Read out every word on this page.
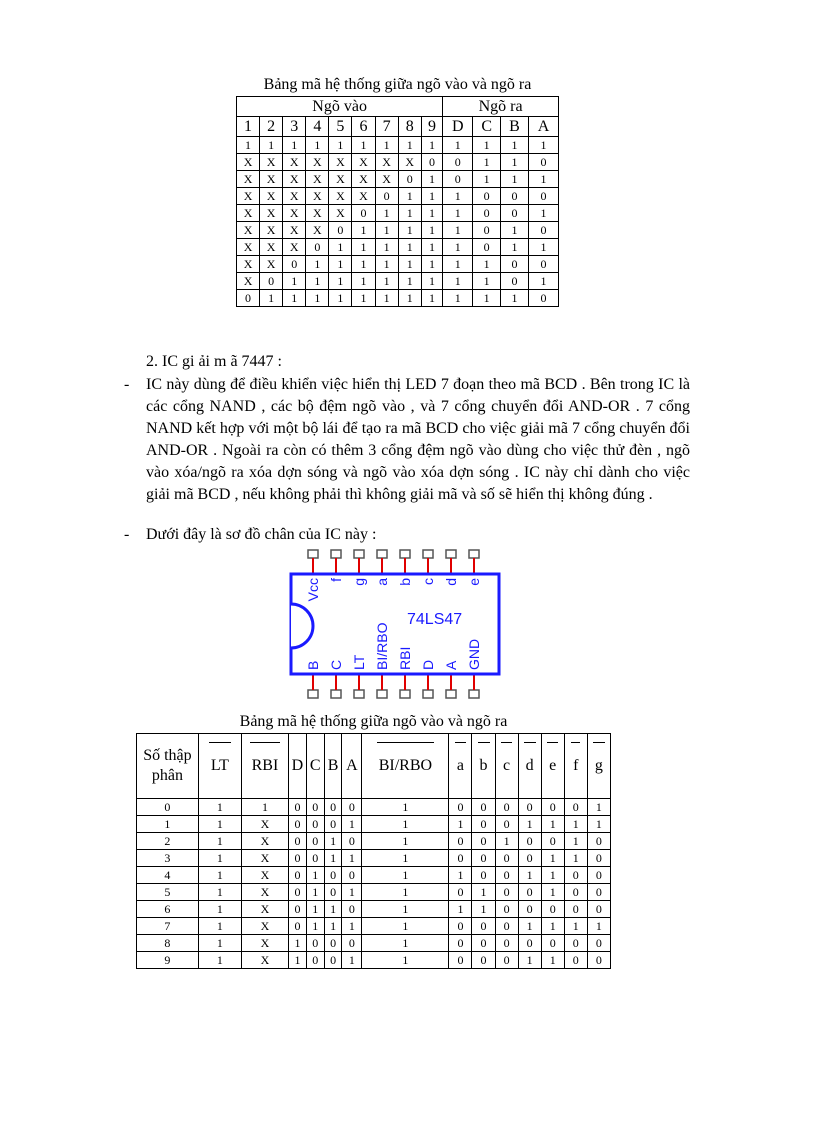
Bảng mã hệ thống giữa ngõ vào và ngõ ra
Ngõ vào									Ngõ ra			
1	2	3	4	5	6	7	8	9	D	C	B	A
1	1	1	1	1	1	1	1	1	1	1	1	1
X	X	X	X	X	X	X	X	0	0	1	1	0
X	X	X	X	X	X	X	0	1	0	1	1	1
X	X	X	X	X	X	0	1	1	1	0	0	0
X	X	X	X	X	0	1	1	1	1	0	0	1
X	X	X	X	0	1	1	1	1	1	0	1	0
X	X	X	0	1	1	1	1	1	1	0	1	1
X	X	0	1	1	1	1	1	1	1	1	0	0
X	0	1	1	1	1	1	1	1	1	1	0	1
0	1	1	1	1	1	1	1	1	1	1	1	0
2. IC gi ải m ã 7447 :
- IC này dùng để điều khiển việc hiển thị LED 7 đoạn theo mã BCD . Bên trong IC là các cổng NAND , các bộ đệm ngõ vào , và 7 cổng chuyển đổi AND-OR . 7 cổng NAND kết hợp với một bộ lái để tạo ra mã BCD cho việc giải mã 7 cổng chuyển đổi AND-OR . Ngoài ra còn có thêm 3 cổng đệm ngõ vào dùng cho việc thử đèn , ngõ vào xóa/ngõ ra xóa dợn sóng và ngõ vào xóa dợn sóng . IC này chỉ dành cho việc giải mã BCD , nếu không phải thì không giải mã và số sẽ hiển thị không đúng .
- Dưới đây là sơ đồ chân của IC này :
74LS47
Vcc f g a b c d e
B C LT BI/RBO RBI D A GND
Bảng mã hệ thống giữa ngõ vào và ngõ ra
Số thập phân	LT	RBI	D	C	B	A	BI/RBO	a	b	c	d	e	f	g
0	1	1	0	0	0	0	1	0	0	0	0	0	0	1
1	1	X	0	0	0	1	1	1	0	0	1	1	1	1
2	1	X	0	0	1	0	1	0	0	1	0	0	1	0
3	1	X	0	0	1	1	1	0	0	0	0	1	1	0
4	1	X	0	1	0	0	1	1	0	0	1	1	0	0
5	1	X	0	1	0	1	1	0	1	0	0	1	0	0
6	1	X	0	1	1	0	1	1	1	0	0	0	0	0
7	1	X	0	1	1	1	1	0	0	0	1	1	1	1
8	1	X	1	0	0	0	1	0	0	0	0	0	0	0
9	1	X	1	0	0	1	1	0	0	0	1	1	0	0
